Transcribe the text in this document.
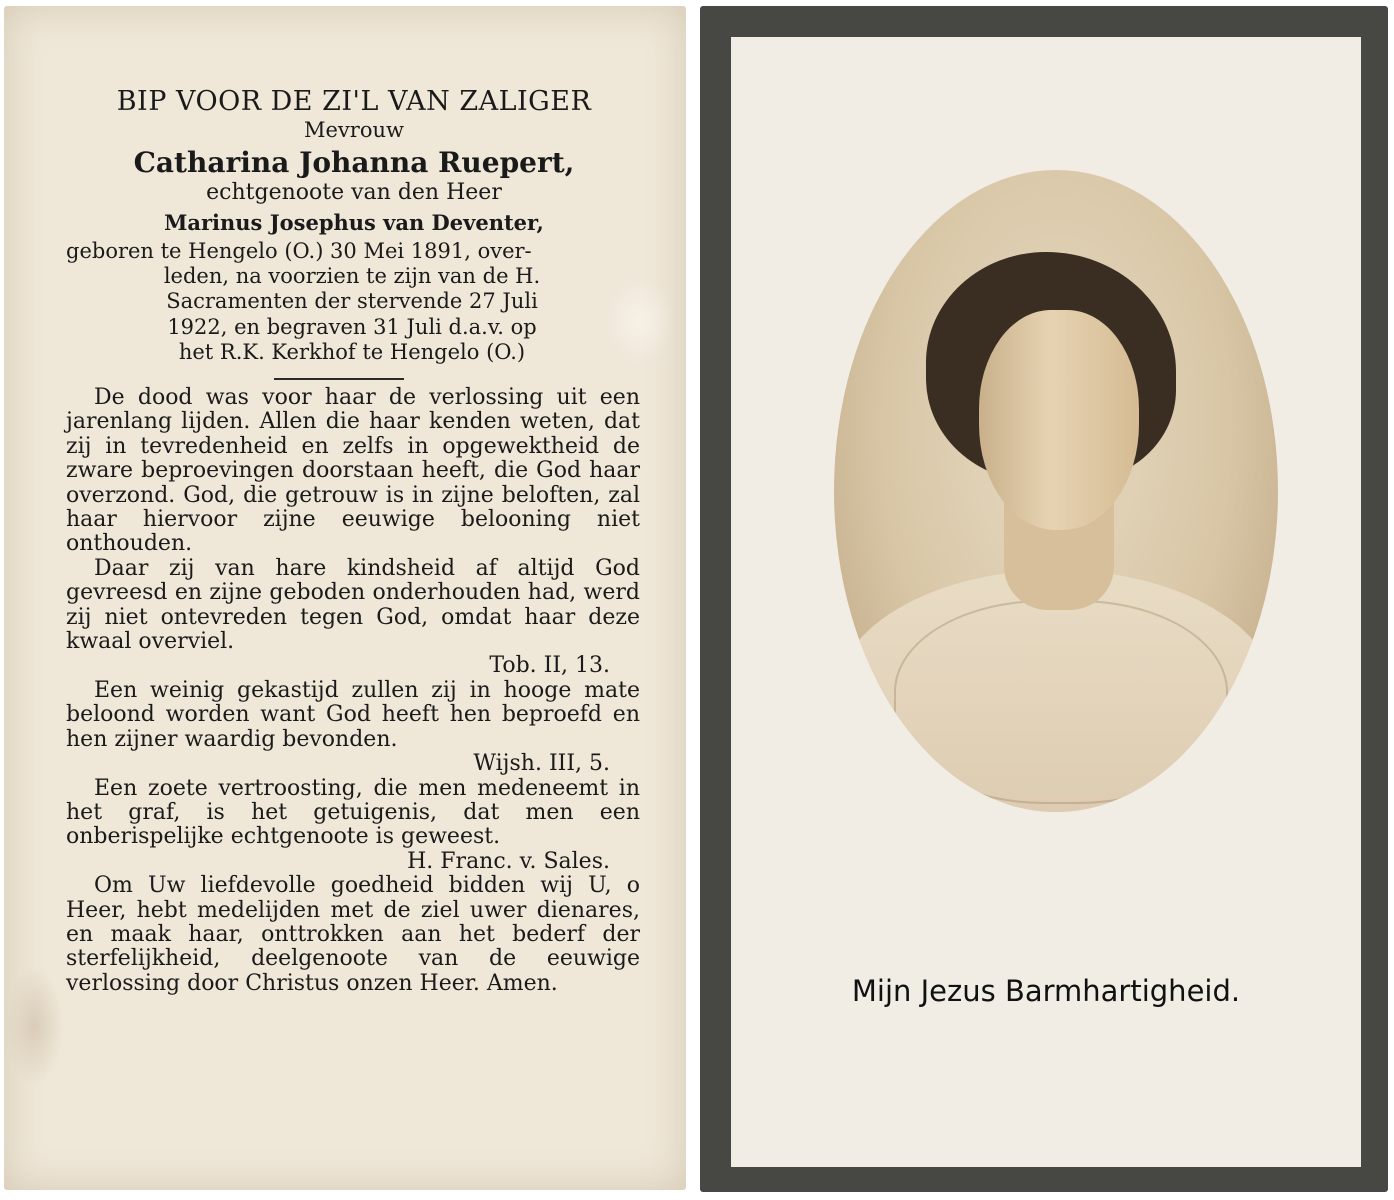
BIP VOOR DE ZI'L VAN ZALIGER
Mevrouw
Catharina Johanna Ruepert,
echtgenoote van den Heer
Marinus Josephus van Deventer,

geboren te Hengelo (O.) 30 Mei 1891, over-

leden, na voorzien te zijn van de H.

Sacramenten der stervende 27 Juli

1922, en begraven 31 Juli d.a.v. op

het R.K. Kerkhof te Hengelo (O.)

De dood was voor haar de verlossing uit een jarenlang lijden. Allen die haar kenden weten, dat zij in tevredenheid en zelfs in opgewektheid de zware beproevingen doorstaan heeft, die God haar overzond. God, die getrouw is in zijne beloften, zal haar hiervoor zijne eeuwige belooning niet onthouden.

Daar zij van hare kindsheid af altijd God gevreesd en zijne geboden onderhouden had, werd zij niet ontevreden tegen God, omdat haar deze kwaal overviel.

Tob. II, 13.

Een weinig gekastijd zullen zij in hooge mate beloond worden want God heeft hen beproefd en hen zijner waardig bevonden.

Wijsh. III, 5.

Een zoete vertroosting, die men medeneemt in het graf, is het getuigenis, dat men een onberispelijke echtgenoote is geweest.

H. Franc. v. Sales.

Om Uw liefdevolle goedheid bidden wij U, o Heer, hebt medelijden met de ziel uwer dienares, en maak haar, onttrokken aan het bederf der sterfelijkheid, deelgenoote van de eeuwige verlossing door Christus onzen Heer. Amen.	Mijn Jezus Barmhartigheid.
